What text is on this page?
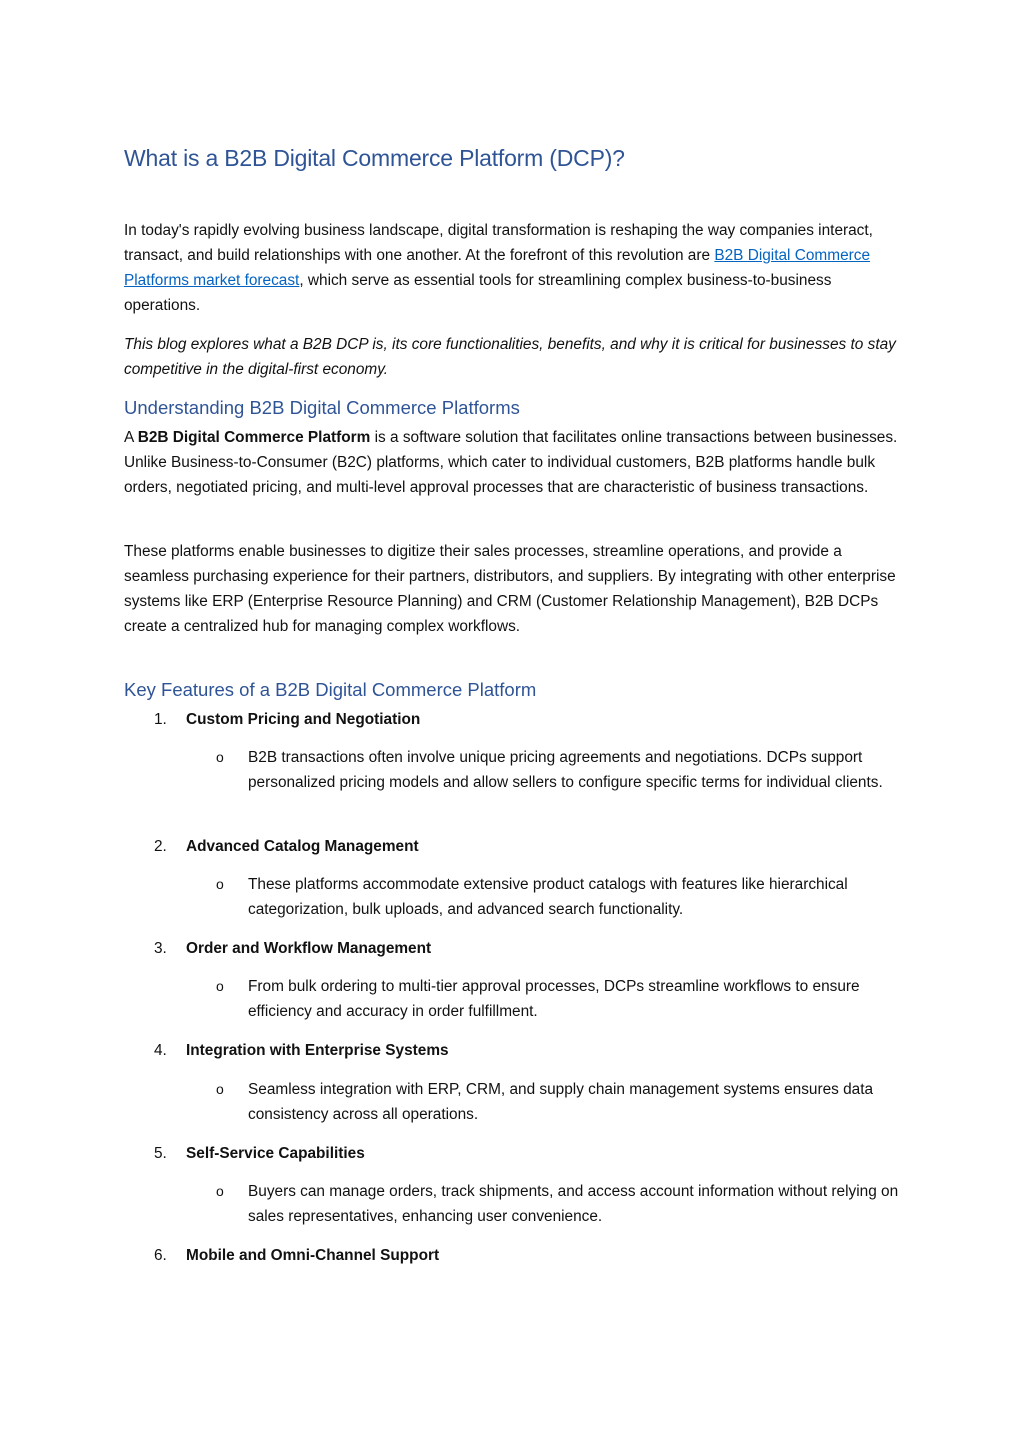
What is a B2B Digital Commerce Platform (DCP)?

In today's rapidly evolving business landscape, digital transformation is reshaping the way companies interact, transact, and build relationships with one another. At the forefront of this revolution are B2B Digital Commerce Platforms market forecast, which serve as essential tools for streamlining complex business-to-business operations.

This blog explores what a B2B DCP is, its core functionalities, benefits, and why it is critical for businesses to stay competitive in the digital-first economy.

Understanding B2B Digital Commerce Platforms

A B2B Digital Commerce Platform is a software solution that facilitates online transactions between businesses. Unlike Business-to-Consumer (B2C) platforms, which cater to individual customers, B2B platforms handle bulk orders, negotiated pricing, and multi-level approval processes that are characteristic of business transactions.

These platforms enable businesses to digitize their sales processes, streamline operations, and provide a seamless purchasing experience for their partners, distributors, and suppliers. By integrating with other enterprise systems like ERP (Enterprise Resource Planning) and CRM (Customer Relationship Management), B2B DCPs create a centralized hub for managing complex workflows.

Key Features of a B2B Digital Commerce Platform
1. Custom Pricing and Negotiation
o B2B transactions often involve unique pricing agreements and negotiations. DCPs support personalized pricing models and allow sellers to configure specific terms for individual clients.
2. Advanced Catalog Management
o These platforms accommodate extensive product catalogs with features like hierarchical categorization, bulk uploads, and advanced search functionality.
3. Order and Workflow Management
o From bulk ordering to multi-tier approval processes, DCPs streamline workflows to ensure efficiency and accuracy in order fulfillment.
4. Integration with Enterprise Systems
o Seamless integration with ERP, CRM, and supply chain management systems ensures data consistency across all operations.
5. Self-Service Capabilities
o Buyers can manage orders, track shipments, and access account information without relying on sales representatives, enhancing user convenience.
6. Mobile and Omni-Channel Support
